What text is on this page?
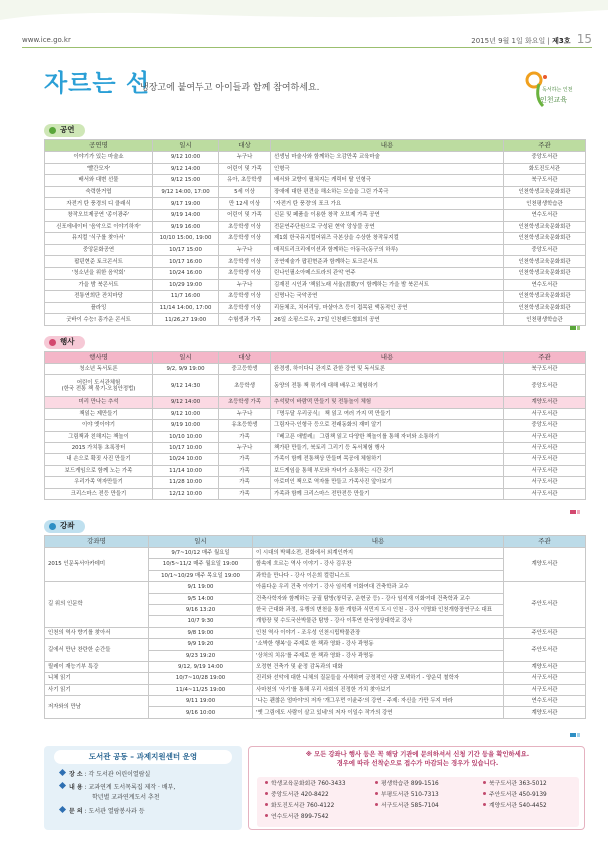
www.ice.go.kr	2015년 9월 1일 화요일 | 제3호 15
자르는 선
냉장고에 붙여두고 아이들과 함께 참여하세요.	독서하는 인천
인천교육
공연
공연명	일시	대상	내용	주관
이야기가 있는 마술쇼	9/12 10:00	누구나	선생님 마술사와 함께하는 오감만족 교육마술	중앙도서관
'빨간모자'	9/12 14:00	어린이 및 가족	인형극	화도진도서관
배서와 대변 선물	9/12 15:00	유아, 초등학생	배서와 교향이 펼쳐지는 캐릭터 탈 인형극	북구도서관
숙력한거엽	9/12 14:00, 17:00	5세 이상	장애에 대한 편견을 해소하는 모습을 그린 가족극	인천학생교육문화회관
자전거 탄 풍경의 디 클래식	9/17 19:00	만 12세 이상	'자전거 탄 풍경'의 포크 가요	인천평생학습관
창작오브제공연 '종이광주'	9/19 14:00	어린이 및 가족	신문 및 페품을 이용한 창작 오브제 가족 공연	연수도서관
신포에네이터 '음악으로 이야기하자'	9/19 16:00	초등학생 이상	전문연주단원으로 구성된 현악 앙상블 공연	인천학생교육문화회관
뮤지컬 '식구를 찾아서'	10/10 15:00, 19:00	초등학생 이상	제1회 한국뮤지컬어워즈 극본상을 수상한 창작뮤지컬	인천학생교육문화회관
중앙문화공연	10/17 15:00	누구나	매직트리크리에이션과 함께하는 아동극(동구의 하루)	중앙도서관
팝핀현준 토크콘서트	10/17 16:00	초등학생 이상	공연예술가 팝핀현준과 함께하는 토크콘서트	인천학생교육문화회관
'청소년을 위한 음악회'	10/24 16:00	초등학생 이상	린나인필소아메스트라의 관악 연주	인천학생교육문화회관
가을 밤 북콘서트	10/29 19:00	누구나	김재진 시인과 '책읽노래 서울(書歌)'이 함께하는 가을 밤 북콘서트	연수도서관
전통연희단 잔치마당	11/7 16:00	초등학생 이상	신명나는 국악공연	인천학생교육문화회관
플라잉	11/14 14:00, 17:00	초등학생 이상	리듬체조, 치어리딩, 마샬아츠 등이 접목된 액동적인 공연	인천학생교육문화회관
굿바이 수능! 흥가운 콘서트	11/26,27 19:00	수험생과 가족	26일 소핑스로우, 27일 인천팬드협회의 공연	인천평생학습관
행사
행사명	일시	대상	내용	주관
청소년 독서토론	9/2, 9/9 19:00	중고등학생	완경생, 하이다니 관지로 관한 강연 및 독서토론	북구도서관

어린이 도서관체험
(한국 전통 책 묶기-오침안정법)	9/12 14:30	초등학생	동양의 전통 책 묶기에 대해 배우고 체험하기	중앙도서관
미리 만나는 추석	9/12 14:00	초등학생 가족	추석맞이 바람떡 만들기 및 전통놀이 체험	계양도서관
책읽는 제만들기	9/12 10:00	누구나	『명두달 우리궁식』 책 읽고 여러 가지 떡 만들기	서구도서관
이야 엣이야기	9/19 10:00	유초등학생	그림자극·인형극 등으로 전래동화의 재미 알기	중앙도서관
그림책과 친해지는 책놀이	10/10 10:00	가족	『베고픈 애벌레』 그림책 읽고 다양한 책놀이를 통해 자녀와 소통하기	서구도서관
2015 가치통 초록장터	10/17 10:00	누구나	책가판 만들기, 북토리 그리기 등 독서체험 행사	서구도서관
내 손으로 확짓 사진 만들기	10/24 10:00	가족	가족이 함께 전통책상 만들며 목공에 체험하기	서구도서관
보드게임으로 함께 노는 가족	11/14 10:00	가족	보드게임을 통해 부모와 자녀가 소통하는 시간 갖기	서구도서관
우리가족 역자만들기	11/28 10:00	가족	아로미인 책으로 역자를 만들고 가족사진 앞아보기	서구도서관
크리스마스 전등 만들기	12/12 10:00	가족	가족과 함께 크리스마스 전만전등 만들기	서구도서관
강좌
강좌명	일시	내용	주관
2015 인문독서아카데미	9/7~10/12 매주 월요일	이 시대의 박혜소전, 진화에서 외계인까지	계양도서관
	10/5~11/2 매주 월요일 19:00	함속에 흐르는 역사 이야기 - 강사 김우찬	
	10/1~10/29 매주 목요일 19:00	과학을 만나다 - 강사 이은희 컬럼니스트	
길 위의 인문학	9/1 19:00	아름다운 우리 건축 이야기 - 강사 임석재 이화여대 건축학과 교수	주안도서관
	9/5 14:00	건축사학자와 함께하는 궁궐 탐방(창덕궁, 운현궁 등) - 강사 임석재 이화여대 건축학과 교수	
	9/16 13:20	한국 근대화 과정, 유행의 변천을 통한 개항과 식민지 도시 인천 - 강사 이명화 인천개항장연구소 대표	
	10/7 9:30	개항장 및 수도국산박물관 탐방 - 강사 이후연 한국영상대학교 강사	
인천의 역사 향기를 찾아서	9/8 19:00	인천 역사 이야기 - 조우성 인천시립박물관장	주안도서관
길에서 만난 찬란한 순간들	9/9 19:20	'소박한 행복'을 주제로 한 책과 영화 - 강사 곽명동	주안도서관
	9/23 19:20	'상처의 치유'를 주제로 한 책과 영화 - 강사 곽명동	
릴레이 재능기부 특강	9/12, 9/19 14:00	오정현 건축가 및 윤정 감독과의 대화	계양도서관
니체 읽기	10/7~10/28 19:00	진리와 선악에 대한 니체의 질문들을 사색하며 긍정적인 사람 모색하기 - 양운덕 철학자	서구도서관
사기 읽기	11/4~11/25 19:00	사마천의 '사기'를 통해 우리 사회의 진정한 가치 찾아보기	서구도서관
저자와의 만남	9/11 19:00	'나는 괜찮은 엄마야'의 저자 '개그우먼 이윤주'의 강연 - 주제: 자신을 가만 두지 마라	연수도서관
	9/16 10:00	'옛 그림에도 사람이 살고 있네'의 저자 이일수 작가의 강연	계양도서관
도서관 공동 – 과제지원센터 운영
장 소 : 각 도서관 어린이열람실
내 용 : 교과연계 도서목록집 제작 · 배부,
학년별 교과연계도서 추천
문 의 : 도서관 열람봉사과 등
※ 모든 강좌나 행사 등은 꼭 해당 기관에 문의하셔서 신청 기간 등을 확인하세요.
경우에 따라 선착순으로 접수가 마감되는 경우가 있습니다.
학생교육문화회관 760-3433
중앙도서관 420-8422
화도진도서관 760-4122
연수도서관 899-7542
평생학습관 899-1516
부평도서관 510-7313
서구도서관 585-7104
북구도서관 363-5012
주안도서관 450-9139
계양도서관 540-4452
